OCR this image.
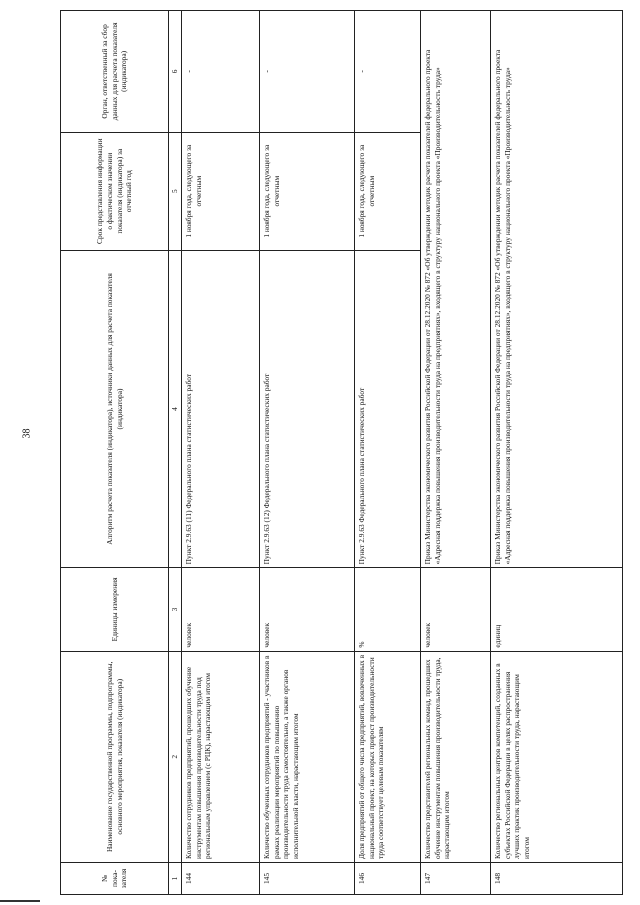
38
№ пока-зателя	Наименование государственной программы, подпрограммы, основного мероприятия, показателя (индикатора)	Единицы измерения	Алгоритм расчета показателя (индикатора), источники данных для расчета показателя (индикатора)	Срок представления информации о фактическом значении показателя (индикатора) за отчетный год	Орган, ответственный за сбор данных для расчета показателя (индикатора)
1	2	3	4	5	6
144	Количество сотрудников предприятий, прошедших обучение инструментам повышения производительности труда под региональным управлением (с РЦК), нарастающим итогом	человек	Пункт 2.9.63 (11) Федерального плана статистических работ	1 ноября года, следующего за отчетным	-
145	Количество обученных сотрудников предприятий - участников в рамках реализации мероприятий по повышению производительности труда самостоятельно, а также органов исполнительной власти, нарастающим итогом	человек	Пункт 2.9.63 (12) Федерального плана статистических работ	1 ноября года, следующего за отчетным	-
146	Доля предприятий от общего числа предприятий, вовлеченных в национальный проект, на которых прирост производительности труда соответствует целевым показателям	%	Пункт 2.9.63 Федерального плана статистических работ	1 ноября года, следующего за отчетным	-
147	Количество представителей региональных команд, прошедших обучение инструментам повышения производительности труда, нарастающим итогом	человек	Приказ Министерства экономического развития Российской Федерации от 28.12.2020 № 872 «Об утверждении методик расчета показателей федерального проекта «Адресная поддержка повышения производительности труда на предприятиях», входящего в структуру национального проекта «Производительность труда»		
148	Количество региональных центров компетенций, созданных в субъектах Российской Федерации в целях распространения лучших практик производительности труда, нарастающим итогом	единиц	Приказ Министерства экономического развития Российской Федерации от 28.12.2020 № 872 «Об утверждении методик расчета показателей федерального проекта «Адресная поддержка повышения производительности труда на предприятиях», входящего в структуру национального проекта «Производительность труда»		
